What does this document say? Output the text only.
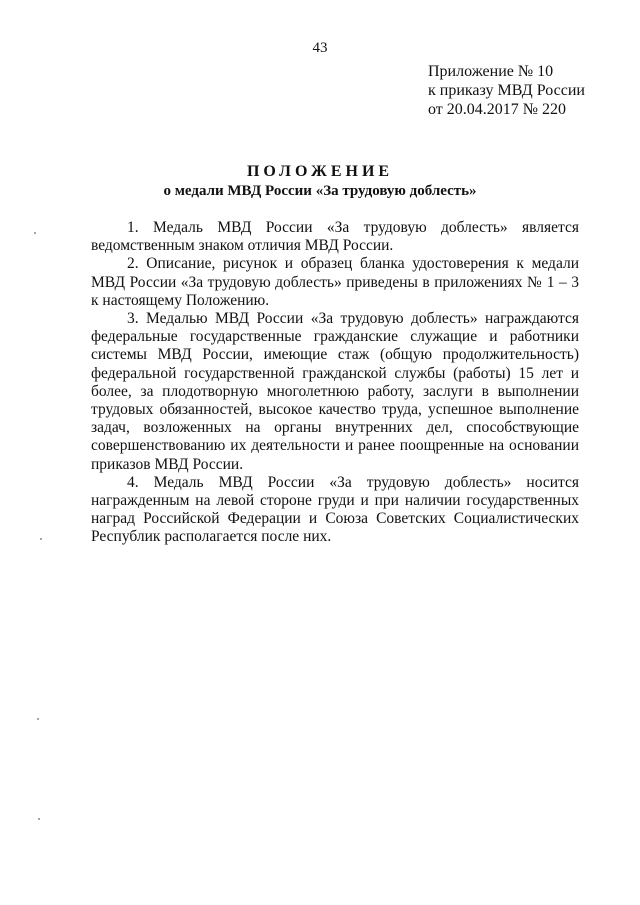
43
Приложение № 10
к приказу МВД России
от 20.04.2017 № 220
ПОЛОЖЕНИЕ
о медали МВД России «За трудовую доблесть»

1. Медаль МВД России «За трудовую доблесть» является ведомственным знаком отличия МВД России.

2. Описание, рисунок и образец бланка удостоверения к медали МВД России «За трудовую доблесть» приведены в приложениях № 1 – 3 к настоящему Положению.

3. Медалью МВД России «За трудовую доблесть» награждаются федеральные государственные гражданские служащие и работники системы МВД России, имеющие стаж (общую продолжительность) федеральной государственной гражданской службы (работы) 15 лет и более, за плодотворную многолетнюю работу, заслуги в выполнении трудовых обязанностей, высокое качество труда, успешное выполнение задач, возложенных на органы внутренних дел, способствующие совершенствованию их деятельности и ранее поощренные на основании приказов МВД России.

4. Медаль МВД России «За трудовую доблесть» носится награжденным на левой стороне груди и при наличии государственных наград Российской Федерации и Союза Советских Социалистических Республик располагается после них.
